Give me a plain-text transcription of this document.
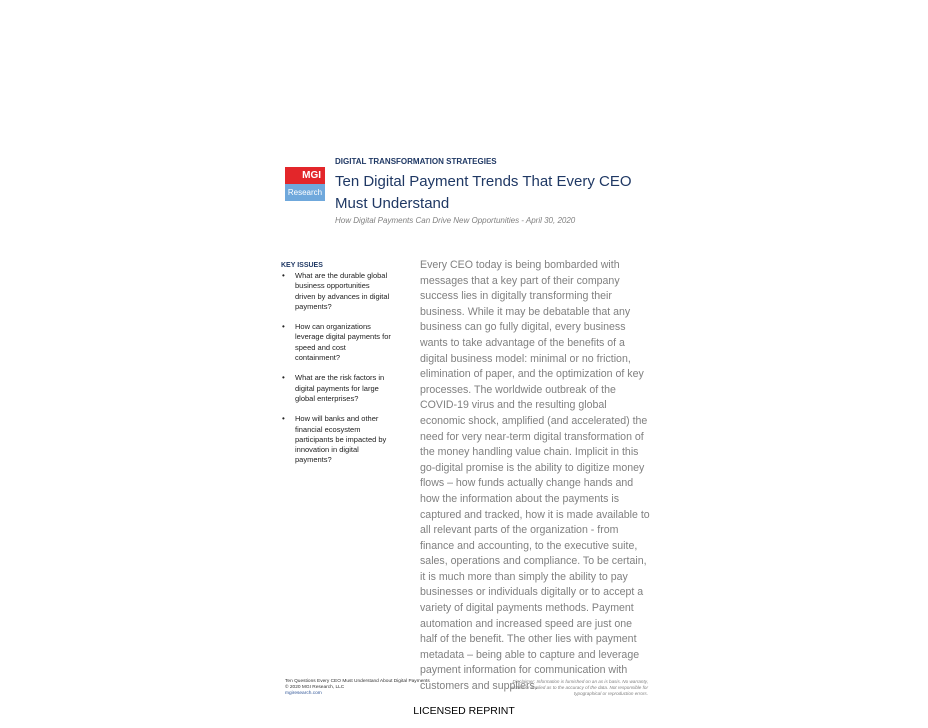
MGI
Research
DIGITAL TRANSFORMATION STRATEGIES
Ten Digital Payment Trends That Every CEO Must Understand
How Digital Payments Can Drive New Opportunities - April 30, 2020
KEY ISSUES
• What are the durable global business opportunities driven by advances in digital payments?
• How can organizations leverage digital payments for speed and cost containment?
• What are the risk factors in digital payments for large global enterprises?
• How will banks and other financial ecosystem participants be impacted by innovation in digital payments?
Every CEO today is being bombarded with messages that a key part of their company success lies in digitally transforming their business. While it may be debatable that any business can go fully digital, every business wants to take advantage of the benefits of a digital business model: minimal or no friction, elimination of paper, and the optimization of key processes. The worldwide outbreak of the COVID-19 virus and the resulting global economic shock, amplified (and accelerated) the need for very near-term digital transformation of the money handling value chain. Implicit in this go-digital promise is the ability to digitize money flows – how funds actually change hands and how the information about the payments is captured and tracked, how it is made available to all relevant parts of the organization - from finance and accounting, to the executive suite, sales, operations and compliance. To be certain, it is much more than simply the ability to pay businesses or individuals digitally or to accept a variety of digital payments methods. Payment automation and increased speed are just one half of the benefit. The other lies with payment metadata – being able to capture and leverage payment information for communication with customers and suppliers.
Ten Questions Every CEO Must Understand About Digital Payments
© 2020 MGI Research, LLC
mgiresearch.com
Disclaimer: Information is furnished on an as is basis. No warranty, written or implied as to the accuracy of the data. Not responsible for typographical or reproduction errors.
LICENSED REPRINT
